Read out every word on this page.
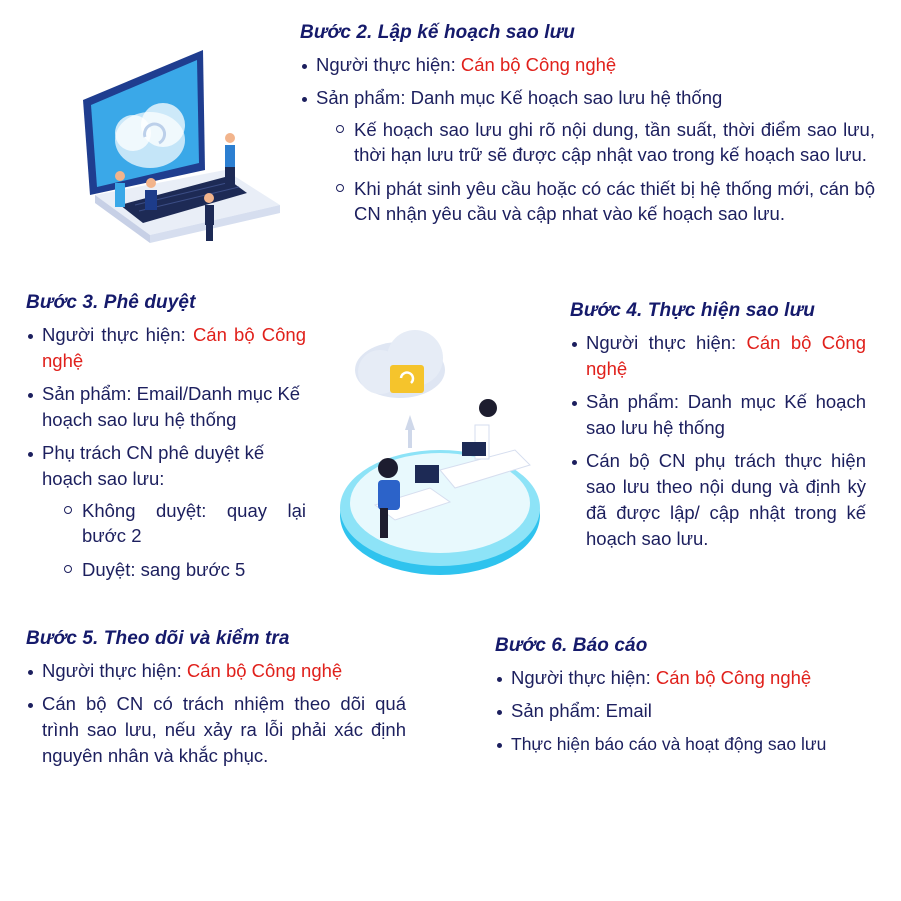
Bước 2. Lập kế hoạch sao lưu
Người thực hiện: Cán bộ Công nghệ
Sản phẩm: Danh mục Kế hoạch sao lưu hệ thống
Kế hoạch sao lưu ghi rõ nội dung, tần suất, thời điểm sao lưu, thời hạn lưu trữ sẽ được cập nhật vao trong kế hoạch sao lưu.
Khi phát sinh yêu cầu hoặc có các thiết bị hệ thống mới, cán bộ CN nhận yêu cầu và cập nhat vào kế hoạch sao lưu.
Bước 3. Phê duyệt
Người thực hiện: Cán bộ Công nghệ
Sản phẩm: Email/Danh mục Kế hoạch sao lưu hệ thống
Phụ trách CN phê duyệt kế hoạch sao lưu:
Không duyệt: quay lại bước 2
Duyệt: sang bước 5
Bước 4. Thực hiện sao lưu
Người thực hiện: Cán bộ Công nghệ
Sản phẩm: Danh mục Kế hoạch sao lưu hệ thống
Cán bộ CN phụ trách thực hiện sao lưu theo nội dung và định kỳ đã được lập/ cập nhật trong kế hoạch sao lưu.
Bước 5. Theo dõi và kiểm tra
Người thực hiện: Cán bộ Công nghệ
Cán bộ CN có trách nhiệm theo dõi quá trình sao lưu, nếu xảy ra lỗi phải xác định nguyên nhân và khắc phục.
Bước 6. Báo cáo
Người thực hiện: Cán bộ Công nghệ
Sản phẩm: Email
Thực hiện báo cáo và hoạt động sao lưu
